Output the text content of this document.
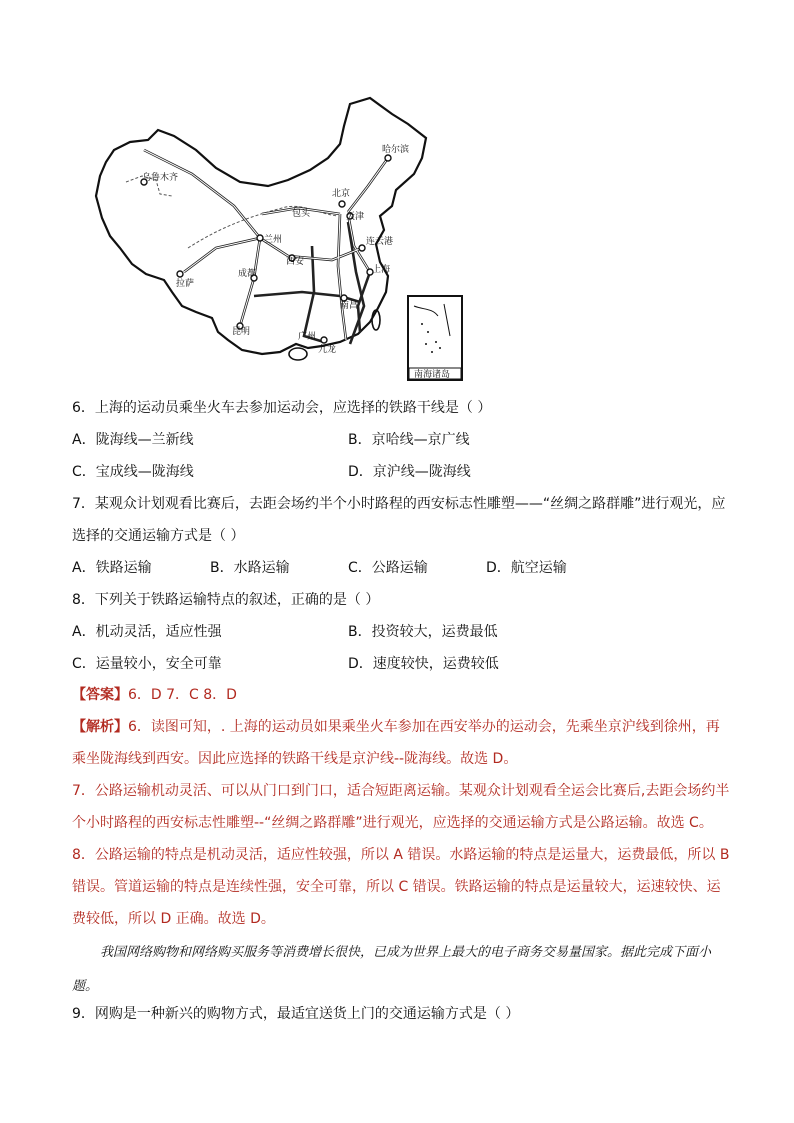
哈尔滨
乌鲁木齐
包头
北京
天津
兰州	连云港
西安
拉萨
成都	上海
南昌
昆明	广州
九龙
南海诸岛
6．上海的运动员乘坐火车去参加运动会，应选择的铁路干线是（ ）
A．陇海线—兰新线	B．京哈线—京广线
C．宝成线—陇海线	D．京沪线—陇海线
7．某观众计划观看比赛后，去距会场约半个小时路程的西安标志性雕塑——“丝绸之路群雕”进行观光，应
选择的交通运输方式是（ ）
A．铁路运输	B．水路运输	C．公路运输	D．航空运输
8．下列关于铁路运输特点的叙述，正确的是（ ）
A．机动灵活，适应性强	B．投资较大，运费最低
C．运量较小，安全可靠	D．速度较快，运费较低
【答案】6．D 7．C 8．D
【解析】6．读图可知，. 上海的运动员如果乘坐火车参加在西安举办的运动会，先乘坐京沪线到徐州，再
乘坐陇海线到西安。因此应选择的铁路干线是京沪线--陇海线。故选 D。
7．公路运输机动灵活、可以从门口到门口，适合短距离运输。某观众计划观看全运会比赛后,去距会场约半
个小时路程的西安标志性雕塑--“丝绸之路群雕”进行观光，应选择的交通运输方式是公路运输。故选 C。
8．公路运输的特点是机动灵活，适应性较强，所以 A 错误。水路运输的特点是运量大，运费最低，所以 B
错误。管道运输的特点是连续性强，安全可靠，所以 C 错误。铁路运输的特点是运量较大，运速较快、运
费较低，所以 D 正确。故选 D。
我国网络购物和网络购买服务等消费增长很快，已成为世界上最大的电子商务交易量国家。据此完成下面小题。
9．网购是一种新兴的购物方式，最适宜送货上门的交通运输方式是（ ）
